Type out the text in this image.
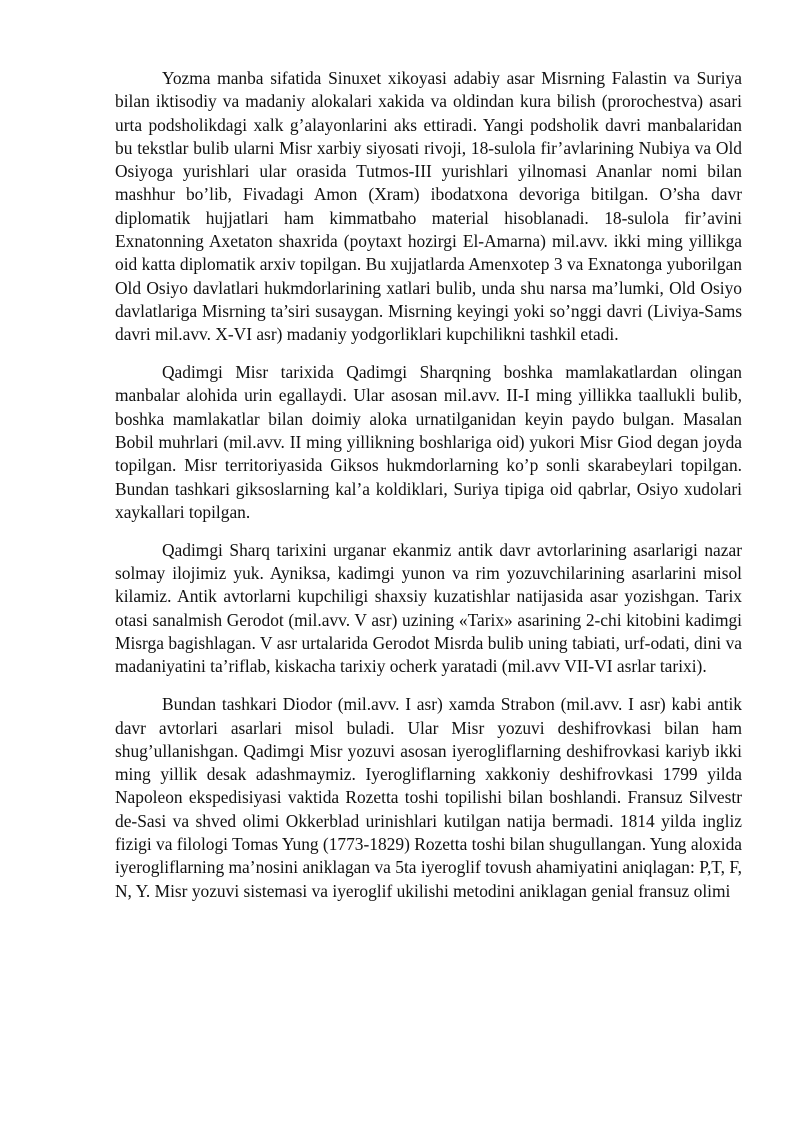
Yozma manba sifatida Sinuxet xikoyasi adabiy asar Misrning Falastin va Suriya bilan iktisodiy va madaniy alokalari xakida va oldindan kura bilish (prorochestva) asari urta podsholikdagi xalk g’alayonlarini aks ettiradi. Yangi podsholik davri manbalaridan bu tekstlar bulib ularni Misr xarbiy siyosati rivoji, 18-sulola fir’avlarining Nubiya va Old Osiyoga yurishlari ular orasida Tutmos-III yurishlari yilnomasi Ananlar nomi bilan mashhur bo’lib, Fivadagi Amon (Xram) ibodatxona devoriga bitilgan. O’sha davr diplomatik hujjatlari ham kimmatbaho material hisoblanadi. 18-sulola fir’avini Exnatonning Axetaton shaxrida (poytaxt hozirgi El-Amarna) mil.avv. ikki ming yillikga oid katta diplomatik arxiv topilgan. Bu xujjatlarda Amenxotep 3 va Exnatonga yuborilgan Old Osiyo davlatlari hukmdorlarining xatlari bulib, unda shu narsa ma’lumki, Old Osiyo davlatlariga Misrning ta’siri susaygan. Misrning keyingi yoki so’nggi davri (Liviya-Sams davri mil.avv. X-VI asr) madaniy yodgorliklari kupchilikni tashkil etadi.

Qadimgi Misr tarixida Qadimgi Sharqning boshka mamlakatlardan olingan manbalar alohida urin egallaydi. Ular asosan mil.avv. II-I ming yillikka taallukli bulib, boshka mamlakatlar bilan doimiy aloka urnatilganidan keyin paydo bulgan. Masalan Bobil muhrlari (mil.avv. II ming yillikning boshlariga oid) yukori Misr Giod degan joyda topilgan. Misr territoriyasida Giksos hukmdorlarning ko’p sonli skarabeylari topilgan. Bundan tashkari giksoslarning kal’a koldiklari, Suriya tipiga oid qabrlar, Osiyo xudolari xaykallari topilgan.

Qadimgi Sharq tarixini urganar ekanmiz antik davr avtorlarining asarlarigi nazar solmay ilojimiz yuk. Ayniksa, kadimgi yunon va rim yozuvchilarining asarlarini misol kilamiz. Antik avtorlarni kupchiligi shaxsiy kuzatishlar natijasida asar yozishgan. Tarix otasi sanalmish Gerodot (mil.avv. V asr) uzining «Tarix» asarining 2-chi kitobini kadimgi Misrga bagishlagan. V asr urtalarida Gerodot Misrda bulib uning tabiati, urf-odati, dini va madaniyatini ta’riflab, kiskacha tarixiy ocherk yaratadi (mil.avv VII-VI asrlar tarixi).

Bundan tashkari Diodor (mil.avv. I asr) xamda Strabon (mil.avv. I asr) kabi antik davr avtorlari asarlari misol buladi. Ular Misr yozuvi deshifrovkasi bilan ham shug’ullanishgan. Qadimgi Misr yozuvi asosan iyerogliflarning deshifrovkasi kariyb ikki ming yillik desak adashmaymiz. Iyerogliflarning xakkoniy deshifrovkasi 1799 yilda Napoleon ekspedisiyasi vaktida Rozetta toshi topilishi bilan boshlandi. Fransuz Silvestr de-Sasi va shved olimi Okkerblad urinishlari kutilgan natija bermadi. 1814 yilda ingliz fizigi va filologi Tomas Yung (1773-1829) Rozetta toshi bilan shugullangan. Yung aloxida iyerogliflarning ma’nosini aniklagan va 5ta iyeroglif tovush ahamiyatini aniqlagan: P,T, F, N, Y. Misr yozuvi sistemasi va iyeroglif ukilishi metodini aniklagan genial fransuz olimi
